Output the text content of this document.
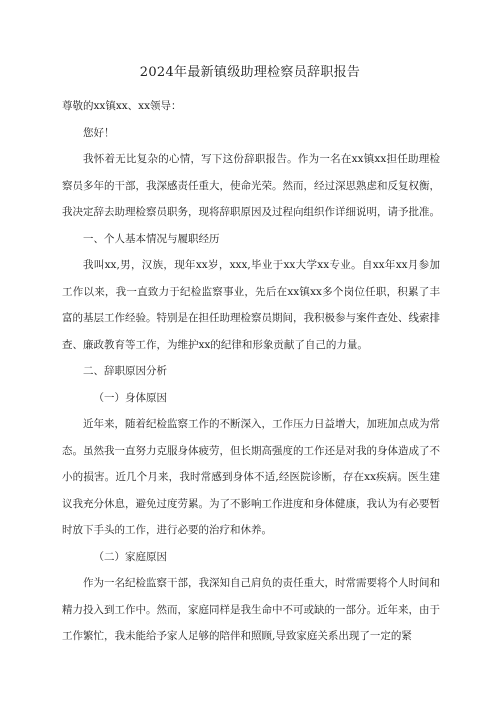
2024年最新镇级助理检察员辞职报告

尊敬的xx镇xx、xx领导：

您好！

我怀着无比复杂的心情，写下这份辞职报告。作为一名在xx镇xx担任助理检察员多年的干部，我深感责任重大，使命光荣。然而，经过深思熟虑和反复权衡，我决定辞去助理检察员职务，现将辞职原因及过程向组织作详细说明，请予批准。

一、个人基本情况与履职经历

我叫xx,男，汉族，现年xx岁，xxx,毕业于xx大学xx专业。自xx年xx月参加工作以来，我一直致力于纪检监察事业，先后在xx镇xx多个岗位任职，积累了丰富的基层工作经验。特别是在担任助理检察员期间，我积极参与案件查处、线索排查、廉政教育等工作，为维护xx的纪律和形象贡献了自己的力量。

二、辞职原因分析

（一）身体原因

近年来，随着纪检监察工作的不断深入，工作压力日益增大，加班加点成为常态。虽然我一直努力克服身体疲劳，但长期高强度的工作还是对我的身体造成了不小的损害。近几个月来，我时常感到身体不适,经医院诊断，存在xx疾病。医生建议我充分休息，避免过度劳累。为了不影响工作进度和身体健康，我认为有必要暂时放下手头的工作，进行必要的治疗和休养。

（二）家庭原因

作为一名纪检监察干部，我深知自己肩负的责任重大，时常需要将个人时间和精力投入到工作中。然而，家庭同样是我生命中不可或缺的一部分。近年来，由于工作繁忙，我未能给予家人足够的陪伴和照顾,导致家庭关系出现了一定的紧
